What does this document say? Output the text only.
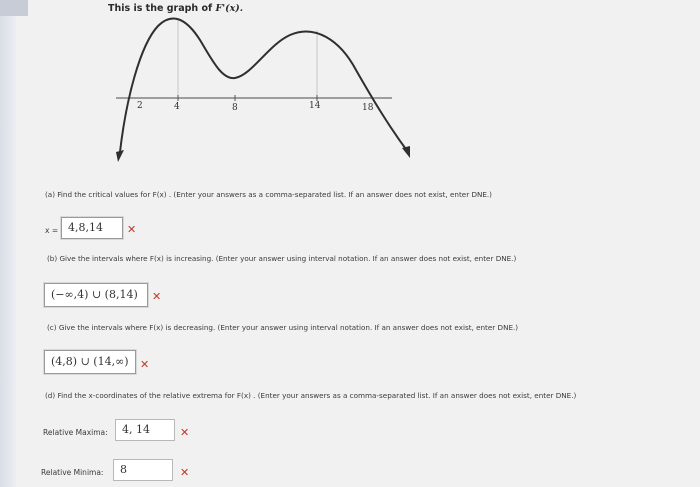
This is the graph of F'(x).
2	4	8	14	18
(a) Find the critical values for F(x) . (Enter your answers as a comma-separated list. If an answer does not exist, enter DNE.)
x = 4,8,14	✕
(b) Give the intervals where F(x) is increasing. (Enter your answer using interval notation. If an answer does not exist, enter DNE.)
(−∞,4) ∪ (8,14)	✕
(c) Give the intervals where F(x) is decreasing. (Enter your answer using interval notation. If an answer does not exist, enter DNE.)
(4,8) ∪ (14,∞)	✕
(d) Find the x-coordinates of the relative extrema for F(x) . (Enter your answers as a comma-separated list. If an answer does not exist, enter DNE.)
Relative Maxima:	4, 14	✕
Relative Minima:	8	✕
